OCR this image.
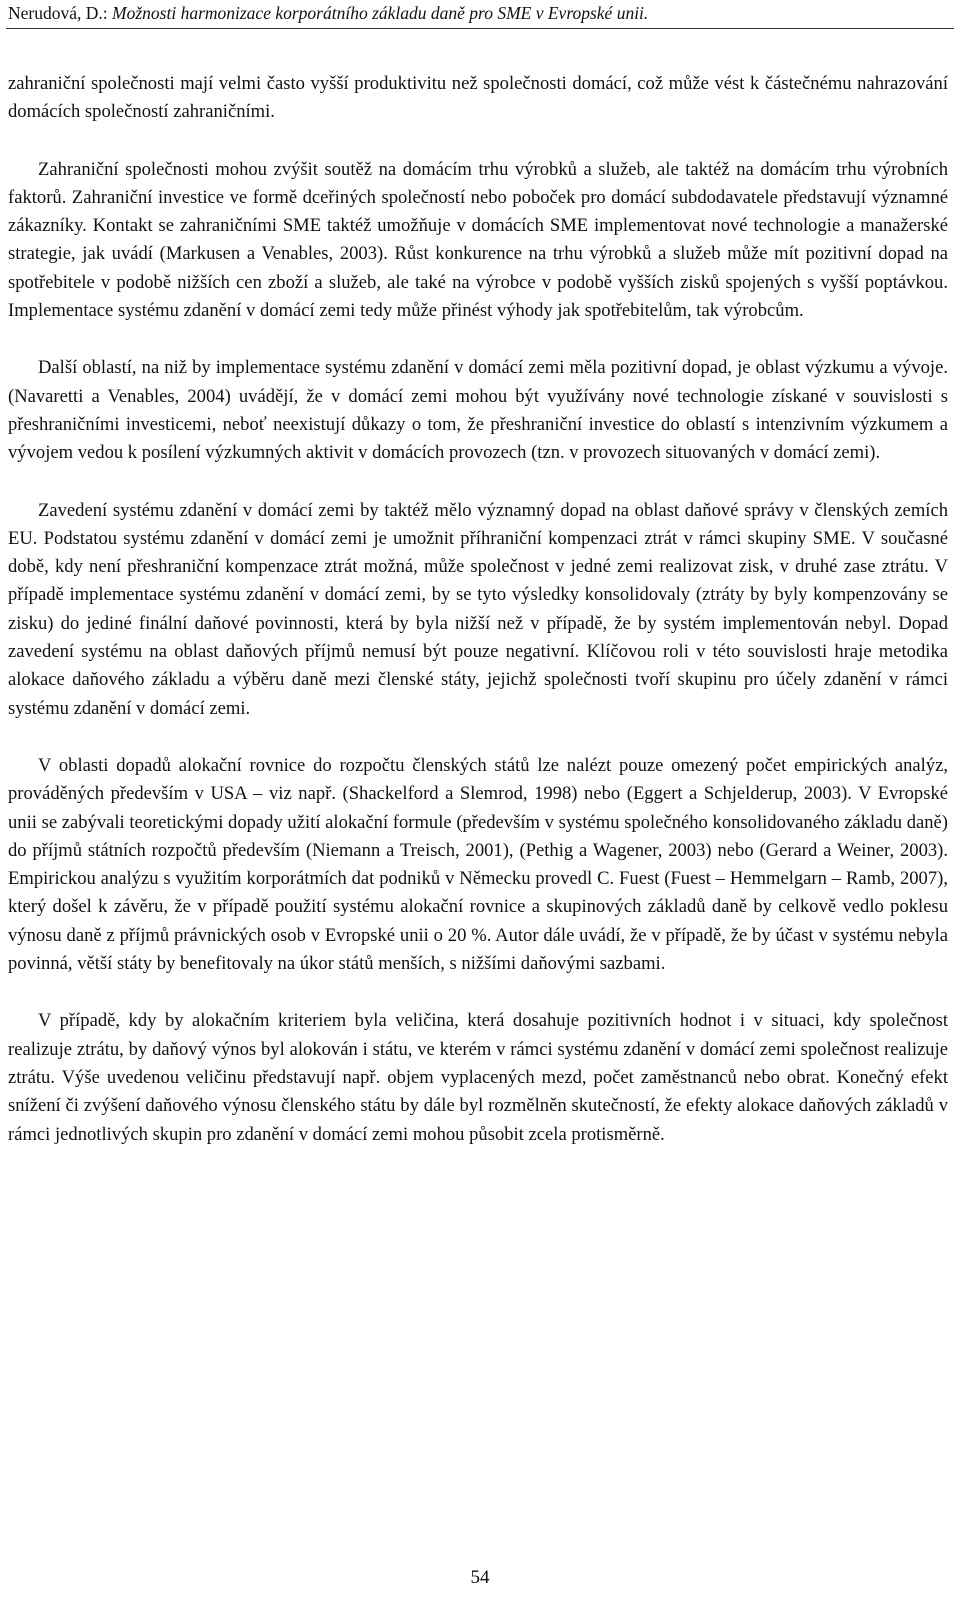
Nerudová, D.: Možnosti harmonizace korporátního základu daně pro SME v Evropské unii.

zahraniční společnosti mají velmi často vyšší produktivitu než společnosti domácí, což může vést k částečnému nahrazování domácích společností zahraničními.

Zahraniční společnosti mohou zvýšit soutěž na domácím trhu výrobků a služeb, ale taktéž na domácím trhu výrobních faktorů. Zahraniční investice ve formě dceřiných společností nebo poboček pro domácí subdodavatele představují významné zákazníky. Kontakt se zahraničními SME taktéž umožňuje v domácích SME implementovat nové technologie a manažerské strategie, jak uvádí (Markusen a Venables, 2003). Růst konkurence na trhu výrobků a služeb může mít pozitivní dopad na spotřebitele v podobě nižších cen zboží a služeb, ale také na výrobce v podobě vyšších zisků spojených s vyšší poptávkou. Implementace systému zdanění v domácí zemi tedy může přinést výhody jak spotřebitelům, tak výrobcům.

Další oblastí, na niž by implementace systému zdanění v domácí zemi měla pozitivní dopad, je oblast výzkumu a vývoje. (Navaretti a Venables, 2004) uvádějí, že v domácí zemi mohou být využívány nové technologie získané v souvislosti s přeshraničními investicemi, neboť neexistují důkazy o tom, že přeshraniční investice do oblastí s intenzivním výzkumem a vývojem vedou k posílení výzkumných aktivit v domácích provozech (tzn. v provozech situovaných v domácí zemi).

Zavedení systému zdanění v domácí zemi by taktéž mělo významný dopad na oblast daňové správy v členských zemích EU. Podstatou systému zdanění v domácí zemi je umožnit příhraniční kompenzaci ztrát v rámci skupiny SME. V současné době, kdy není přeshraniční kompenzace ztrát možná, může společnost v jedné zemi realizovat zisk, v druhé zase ztrátu. V případě implementace systému zdanění v domácí zemi, by se tyto výsledky konsolidovaly (ztráty by byly kompenzovány se zisku) do jediné finální daňové povinnosti, která by byla nižší než v případě, že by systém implementován nebyl. Dopad zavedení systému na oblast daňových příjmů nemusí být pouze negativní. Klíčovou roli v této souvislosti hraje metodika alokace daňového základu a výběru daně mezi členské státy, jejichž společnosti tvoří skupinu pro účely zdanění v rámci systému zdanění v domácí zemi.

V oblasti dopadů alokační rovnice do rozpočtu členských států lze nalézt pouze omezený počet empirických analýz, prováděných především v USA – viz např. (Shackelford a Slemrod, 1998) nebo (Eggert a Schjelderup, 2003). V Evropské unii se zabývali teoretickými dopady užití alokační formule (především v systému společného konsolidovaného základu daně) do příjmů státních rozpočtů především (Niemann a Treisch, 2001), (Pethig a Wagener, 2003) nebo (Gerard a Weiner, 2003). Empirickou analýzu s využitím korporátmích dat podniků v Německu provedl C. Fuest (Fuest – Hemmelgarn – Ramb, 2007), který došel k závěru, že v případě použití systému alokační rovnice a skupinových základů daně by celkově vedlo poklesu výnosu daně z příjmů právnických osob v Evropské unii o 20 %. Autor dále uvádí, že v případě, že by účast v systému nebyla povinná, větší státy by benefitovaly na úkor států menších, s nižšími daňovými sazbami.

V případě, kdy by alokačním kriteriem byla veličina, která dosahuje pozitivních hodnot i v situaci, kdy společnost realizuje ztrátu, by daňový výnos byl alokován i státu, ve kterém v rámci systému zdanění v domácí zemi společnost realizuje ztrátu. Výše uvedenou veličinu představují např. objem vyplacených mezd, počet zaměstnanců nebo obrat. Konečný efekt snížení či zvýšení daňového výnosu členského státu by dále byl rozmělněn skutečností, že efekty alokace daňových základů v rámci jednotlivých skupin pro zdanění v domácí zemi mohou působit zcela protisměrně.

54
